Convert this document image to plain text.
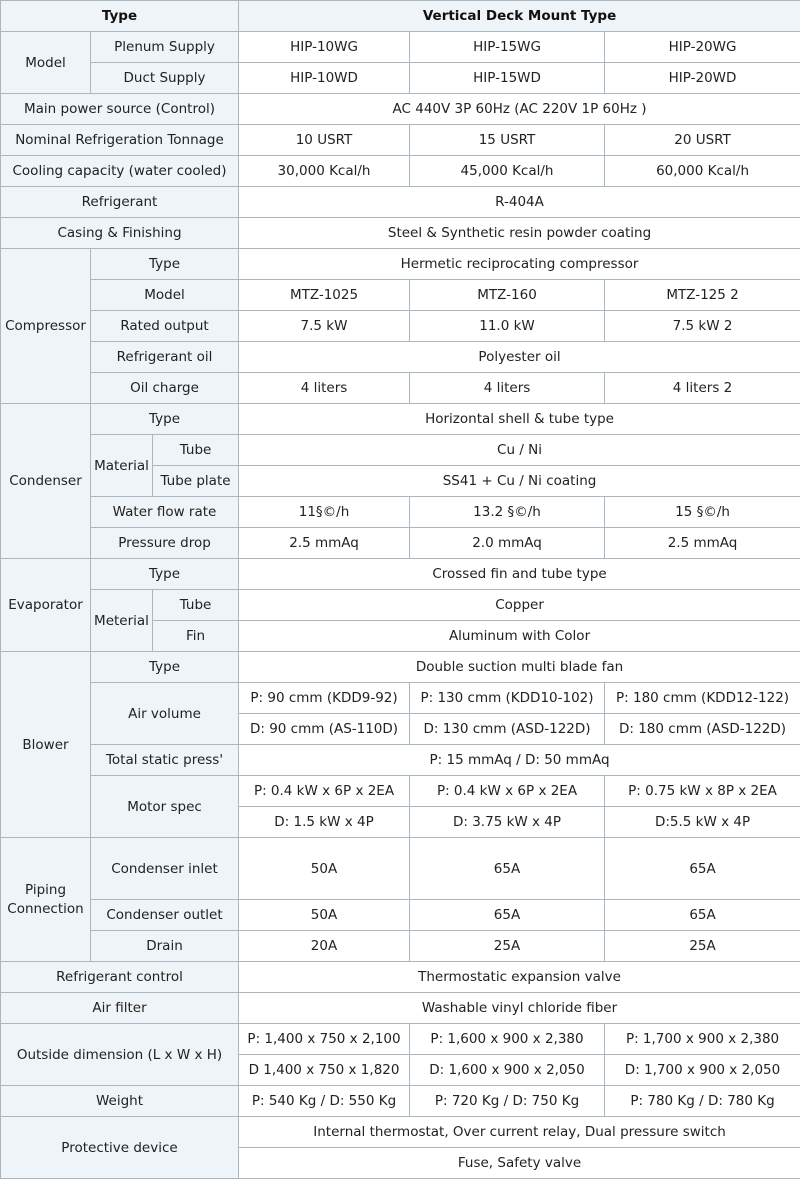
Type			Vertical Deck Mount Type		
Model	Plenum Supply		HIP-10WG	HIP-15WG	HIP-20WG
	Duct Supply		HIP-10WD	HIP-15WD	HIP-20WD
Main power source (Control)			AC 440V 3P 60Hz (AC 220V 1P 60Hz )		
Nominal Refrigeration Tonnage			10 USRT	15 USRT	20 USRT
Cooling capacity (water cooled)			30,000 Kcal/h	45,000 Kcal/h	60,000 Kcal/h
Refrigerant			R-404A		
Casing & Finishing			Steel & Synthetic resin powder coating		
Compressor	Type		Hermetic reciprocating compressor		
	Model		MTZ-1025	MTZ-160	MTZ-125 2
	Rated output		7.5 kW	11.0 kW	7.5 kW 2
	Refrigerant oil		Polyester oil		
	Oil charge		4 liters	4 liters	4 liters 2
Condenser	Type		Horizontal shell & tube type		
	Material	Tube	Cu / Ni		
		Tube plate	SS41 + Cu / Ni coating		
	Water flow rate		11§©/h	13.2 §©/h	15 §©/h
	Pressure drop		2.5 mmAq	2.0 mmAq	2.5 mmAq
Evaporator	Type		Crossed fin and tube type		
	Meterial	Tube	Copper		
		Fin	Aluminum with Color		
Blower	Type		Double suction multi blade fan		
	Air volume		P: 90 cmm (KDD9-92)	P: 130 cmm (KDD10-102)	P: 180 cmm (KDD12-122)
			D: 90 cmm (AS-110D)	D: 130 cmm (ASD-122D)	D: 180 cmm (ASD-122D)
	Total static press'		P: 15 mmAq / D: 50 mmAq		
	Motor spec		P: 0.4 kW x 6P x 2EA	P: 0.4 kW x 6P x 2EA	P: 0.75 kW x 8P x 2EA
			D: 1.5 kW x 4P	D: 3.75 kW x 4P	D:5.5 kW x 4P
Piping
Connection	Condenser inlet		50A	65A	65A
	Condenser outlet		50A	65A	65A
	Drain		20A	25A	25A
Refrigerant control			Thermostatic expansion valve		
Air filter			Washable vinyl chloride fiber		
Outside dimension (L x W x H)			P: 1,400 x 750 x 2,100	P: 1,600 x 900 x 2,380	P: 1,700 x 900 x 2,380
			D 1,400 x 750 x 1,820	D: 1,600 x 900 x 2,050	D: 1,700 x 900 x 2,050
Weight			P: 540 Kg / D: 550 Kg	P: 720 Kg / D: 750 Kg	P: 780 Kg / D: 780 Kg
Protective device			Internal thermostat, Over current relay, Dual pressure switch		
			Fuse, Safety valve		
